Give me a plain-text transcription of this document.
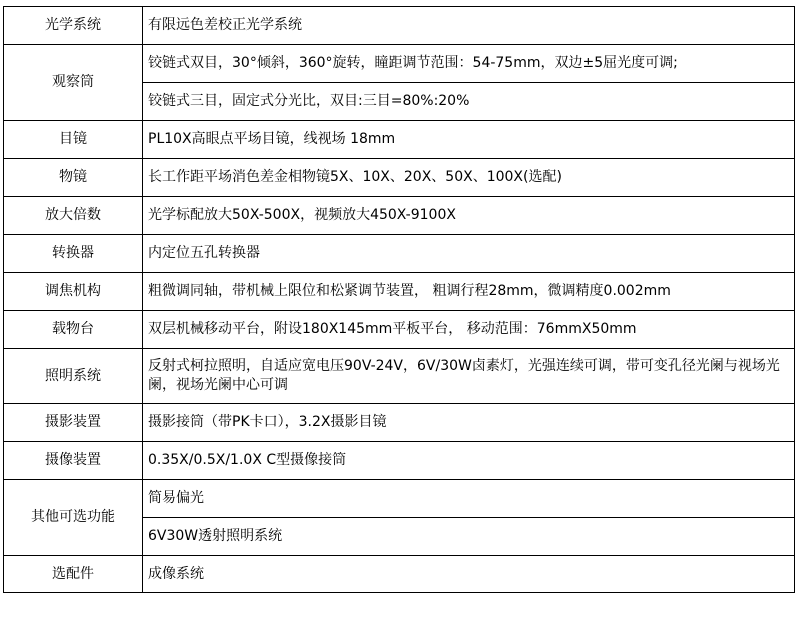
光学系统	有限远色差校正光学系统
观察筒	铰链式双目，30°倾斜，360°旋转，瞳距调节范围：54-75mm，双边±5屈光度可调;
	铰链式三目，固定式分光比，双目:三目=80%:20%
目镜	PL10X高眼点平场目镜，线视场 18mm
物镜	长工作距平场消色差金相物镜5X、10X、20X、50X、100X(选配)
放大倍数	光学标配放大50X-500X，视频放大450X-9100X
转换器	内定位五孔转换器
调焦机构	粗微调同轴，带机械上限位和松紧调节装置， 粗调行程28mm，微调精度0.002mm
载物台	双层机械移动平台，附设180X145mm平板平台， 移动范围：76mmX50mm
照明系统	反射式柯拉照明，自适应宽电压90V-24V，6V/30W卤素灯，光强连续可调，带可变孔径光阑与视场光阑，视场光阑中心可调
摄影装置	摄影接筒（带PK卡口），3.2X摄影目镜
摄像装置	0.35X/0.5X/1.0X C型摄像接筒
其他可选功能	简易偏光
	6V30W透射照明系统
选配件	成像系统
